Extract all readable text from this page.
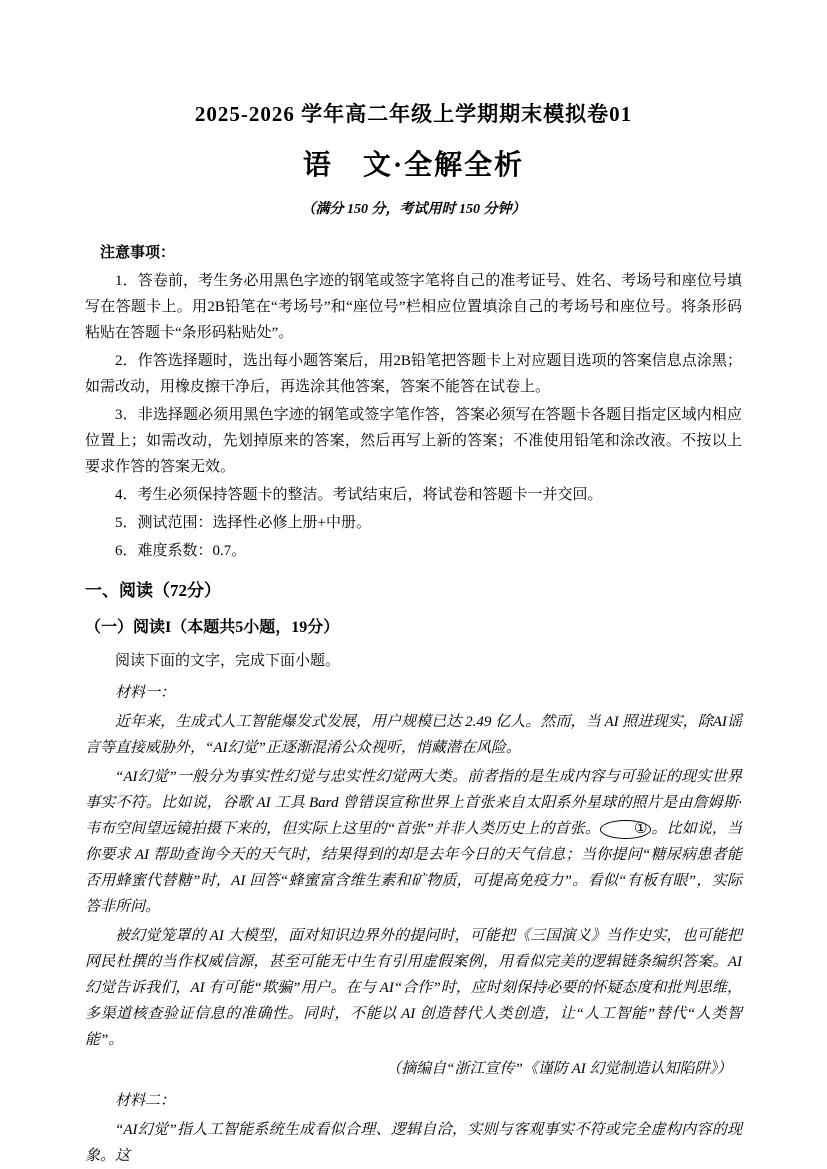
2025-2026 学年高二年级上学期期末模拟卷01
语　文·全解全析
（满分 150 分，考试用时 150 分钟）
注意事项：

1．答卷前，考生务必用黑色字迹的钢笔或签字笔将自己的准考证号、姓名、考场号和座位号填写在答题卡上。用2B铅笔在“考场号”和“座位号”栏相应位置填涂自己的考场号和座位号。将条形码粘贴在答题卡“条形码粘贴处”。

2．作答选择题时，选出每小题答案后，用2B铅笔把答题卡上对应题目选项的答案信息点涂黑；如需改动，用橡皮擦干净后，再选涂其他答案，答案不能答在试卷上。

3．非选择题必须用黑色字迹的钢笔或签字笔作答，答案必须写在答题卡各题目指定区域内相应位置上；如需改动，先划掉原来的答案，然后再写上新的答案；不准使用铅笔和涂改液。不按以上要求作答的答案无效。

4．考生必须保持答题卡的整洁。考试结束后，将试卷和答题卡一并交回。

5．测试范围：选择性必修上册+中册。

6．难度系数：0.7。

一、阅读（72分）
（一）阅读I（本题共5小题，19分）

阅读下面的文字，完成下面小题。

材料一：

近年来，生成式人工智能爆发式发展，用户规模已达 2.49 亿人。然而，当 AI 照进现实，除AI谣言等直接威胁外，“AI幻觉”正逐渐混淆公众视听，悄藏潜在风险。

“AI幻觉”一般分为事实性幻觉与忠实性幻觉两大类。前者指的是生成内容与可验证的现实世界事实不符。比如说，谷歌 AI 工具 Bard 曾错误宣称世界上首张来自太阳系外星球的照片是由詹姆斯·韦布空间望远镜拍摄下来的，但实际上这里的“首张”并非人类历史上的首张。 ① 。比如说，当你要求 AI 帮助查询今天的天气时，结果得到的却是去年今日的天气信息；当你提问“糖尿病患者能否用蜂蜜代替糖”时，AI 回答“蜂蜜富含维生素和矿物质，可提高免疫力”。看似“有板有眼”，实际答非所问。

被幻觉笼罩的 AI 大模型，面对知识边界外的提问时，可能把《三国演义》当作史实，也可能把网民杜撰的当作权威信源，甚至可能无中生有引用虚假案例，用看似完美的逻辑链条编织答案。AI 幻觉告诉我们，AI 有可能“欺骗”用户。在与 AI“合作”时，应时刻保持必要的怀疑态度和批判思维，多渠道核查验证信息的准确性。同时，不能以 AI 创造替代人类创造，让“人工智能”替代“人类智能”。

（摘编自“浙江宣传”《谨防 AI 幻觉制造认知陷阱》）

材料二：

“AI幻觉”指人工智能系统生成看似合理、逻辑自洽，实则与客观事实不符或完全虚构内容的现象。这
